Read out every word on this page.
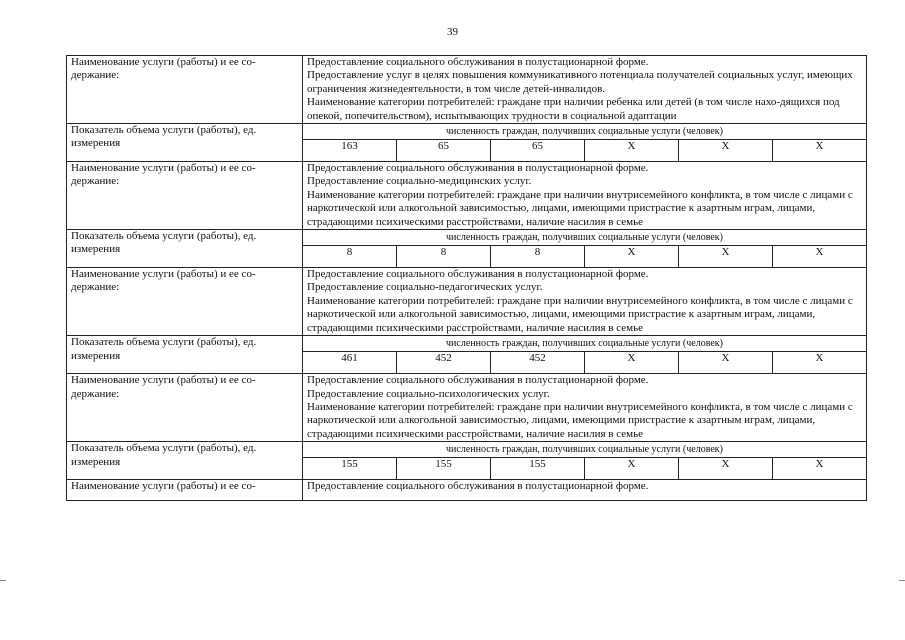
39
Наименование услуги (работы) и ее со-держание:	Предоставление социального обслуживания в полустационарной форме.

Предоставление услуг в целях повышения коммуникативного потенциала получателей социальных услуг, имеющих ограничения жизнедеятельности, в том числе детей-инвалидов.

Наименование категории потребителей: граждане при наличии ребенка или детей (в том числе нахо-дящихся под опекой, попечительством), испытывающих трудности в социальной адаптации					

Показатель объема услуги (работы), ед. измерения	численность граждан, получивших социальные услуги (человек)					
	163	65	65	Х	Х	Х
Наименование услуги (работы) и ее со-держание:	Предоставление социального обслуживания в полустационарной форме.

Предоставление социально-медицинских услуг.

Наименование категории потребителей: граждане при наличии внутрисемейного конфликта, в том числе с лицами с наркотической или алкогольной зависимостью, лицами, имеющими пристрастие к азартным играм, лицами, страдающими психическими расстройствами, наличие насилия в семье					

Показатель объема услуги (работы), ед. измерения	численность граждан, получивших социальные услуги (человек)					
	8	8	8	Х	Х	Х
Наименование услуги (работы) и ее со-держание:	Предоставление социального обслуживания в полустационарной форме.

Предоставление социально-педагогических услуг.

Наименование категории потребителей: граждане при наличии внутрисемейного конфликта, в том числе с лицами с наркотической или алкогольной зависимостью, лицами, имеющими пристрастие к азартным играм, лицами, страдающими психическими расстройствами, наличие насилия в семье					

Показатель объема услуги (работы), ед. измерения	численность граждан, получивших социальные услуги (человек)					
	461	452	452	Х	Х	Х
Наименование услуги (работы) и ее со-держание:	Предоставление социального обслуживания в полустационарной форме.

Предоставление социально-психологических услуг.

Наименование категории потребителей: граждане при наличии внутрисемейного конфликта, в том числе с лицами с наркотической или алкогольной зависимостью, лицами, имеющими пристрастие к азартным играм, лицами, страдающими психическими расстройствами, наличие насилия в семье					

Показатель объема услуги (работы), ед. измерения	численность граждан, получивших социальные услуги (человек)					
	155	155	155	Х	Х	Х
Наименование услуги (работы) и ее со-	Предоставление социального обслуживания в полустационарной форме.					
